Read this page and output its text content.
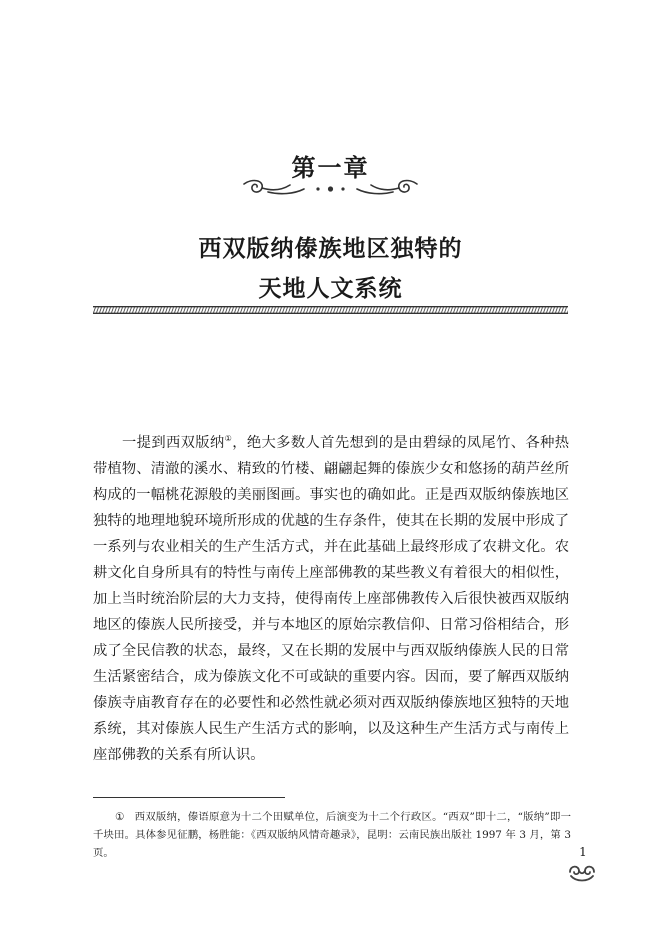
第一章
西双版纳傣族地区独特的
天地人文系统
一提到西双版纳①，绝大多数人首先想到的是由碧绿的凤尾竹、各种热带植物、清澈的溪水、精致的竹楼、翩翩起舞的傣族少女和悠扬的葫芦丝所构成的一幅桃花源般的美丽图画。事实也的确如此。正是西双版纳傣族地区独特的地理地貌环境所形成的优越的生存条件，使其在长期的发展中形成了一系列与农业相关的生产生活方式，并在此基础上最终形成了农耕文化。农耕文化自身所具有的特性与南传上座部佛教的某些教义有着很大的相似性，加上当时统治阶层的大力支持，使得南传上座部佛教传入后很快被西双版纳地区的傣族人民所接受，并与本地区的原始宗教信仰、日常习俗相结合，形成了全民信教的状态，最终，又在长期的发展中与西双版纳傣族人民的日常生活紧密结合，成为傣族文化不可或缺的重要内容。因而，要了解西双版纳傣族寺庙教育存在的必要性和必然性就必须对西双版纳傣族地区独特的天地系统，其对傣族人民生产生活方式的影响，以及这种生产生活方式与南传上座部佛教的关系有所认识。
① 西双版纳，傣语原意为十二个田赋单位，后演变为十二个行政区。“西双”即十二，“版纳”即一千块田。具体参见征鹏，杨胜能：《西双版纳风情奇趣录》，昆明：云南民族出版社 1997 年 3 月，第 3 页。	1
